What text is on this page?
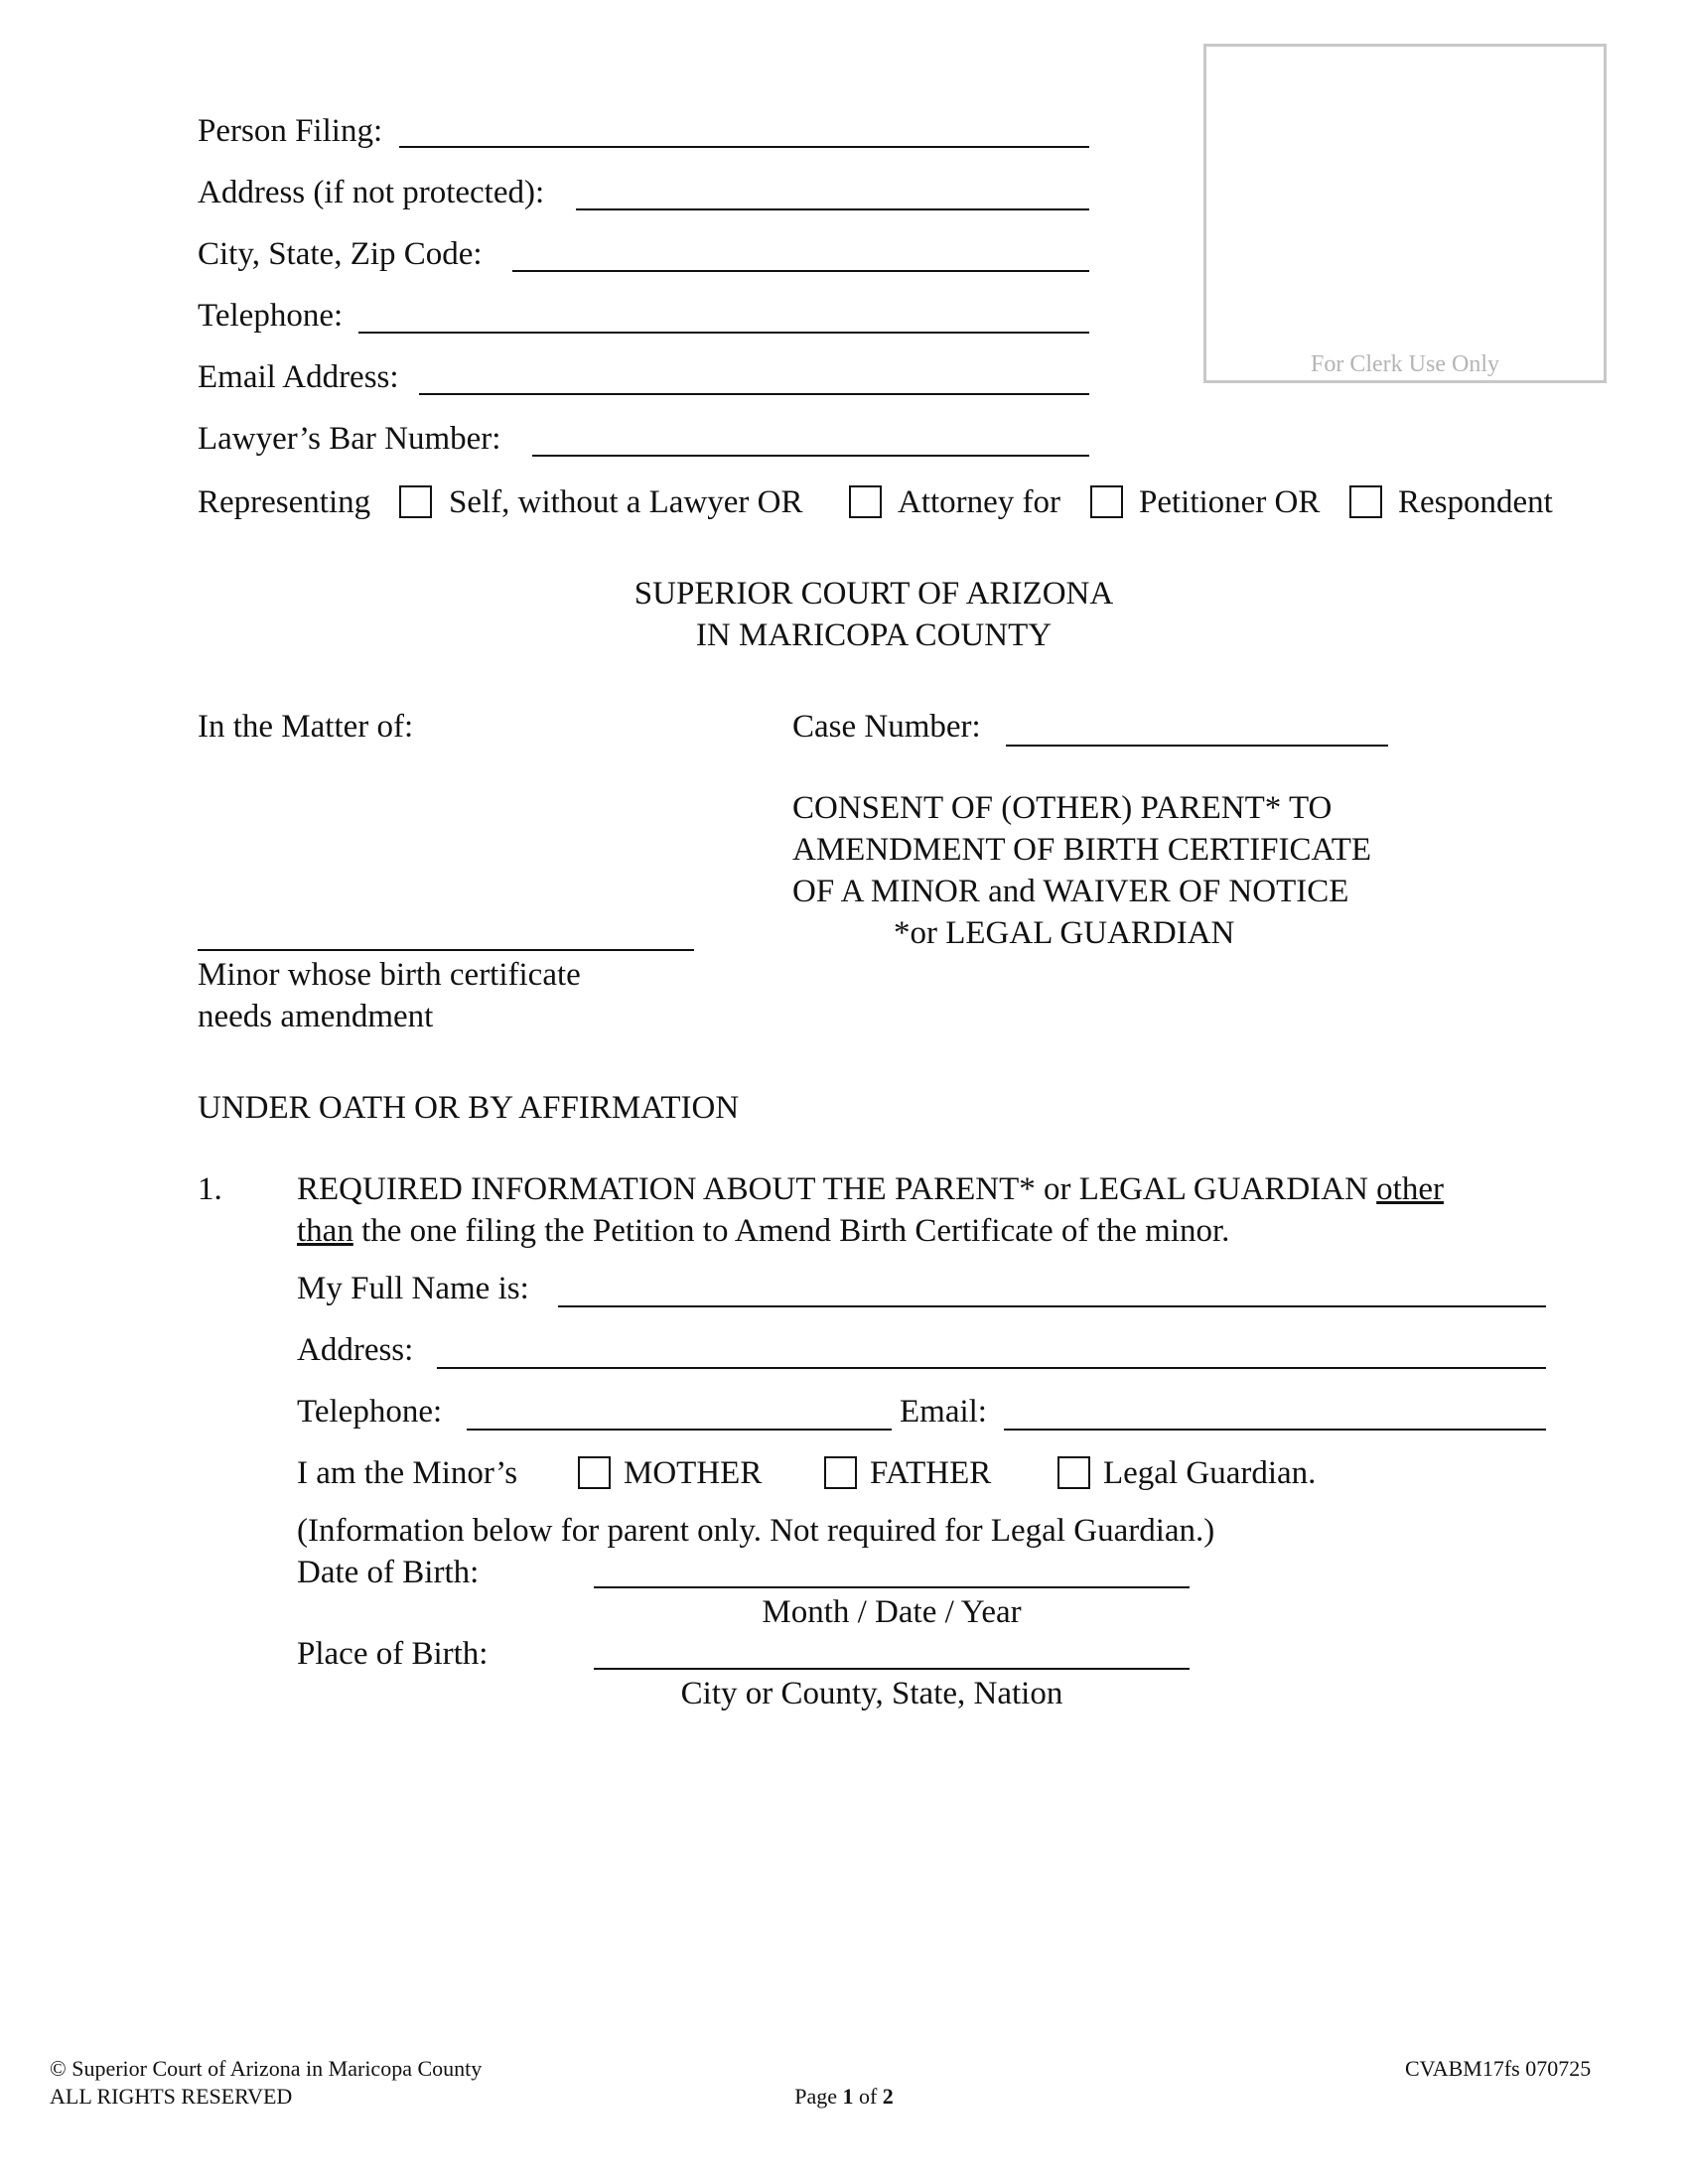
For Clerk Use Only
Person Filing:
Address (if not protected):
City, State, Zip Code:
Telephone:
Email Address:
Lawyer’s Bar Number:
Representing Self, without a Lawyer OR	Attorney for Petitioner OR Respondent
SUPERIOR COURT OF ARIZONA
IN MARICOPA COUNTY
In the Matter of:	Case Number:
CONSENT OF (OTHER) PARENT* TO
AMENDMENT OF BIRTH CERTIFICATE
OF A MINOR and WAIVER OF NOTICE
*or LEGAL GUARDIAN
Minor whose birth certificate
needs amendment
UNDER OATH OR BY AFFIRMATION
1. REQUIRED INFORMATION ABOUT THE PARENT* or LEGAL GUARDIAN other
than the one filing the Petition to Amend Birth Certificate of the minor.
My Full Name is:
Address:
Telephone:	Email:
I am the Minor’s	MOTHER	FATHER	Legal Guardian.
(Information below for parent only. Not required for Legal Guardian.)
Date of Birth:
Month / Date / Year
Place of Birth:
City or County, State, Nation
© Superior Court of Arizona in Maricopa County
ALL RIGHTS RESERVED	Page 1 of 2
CVABM17fs 070725
